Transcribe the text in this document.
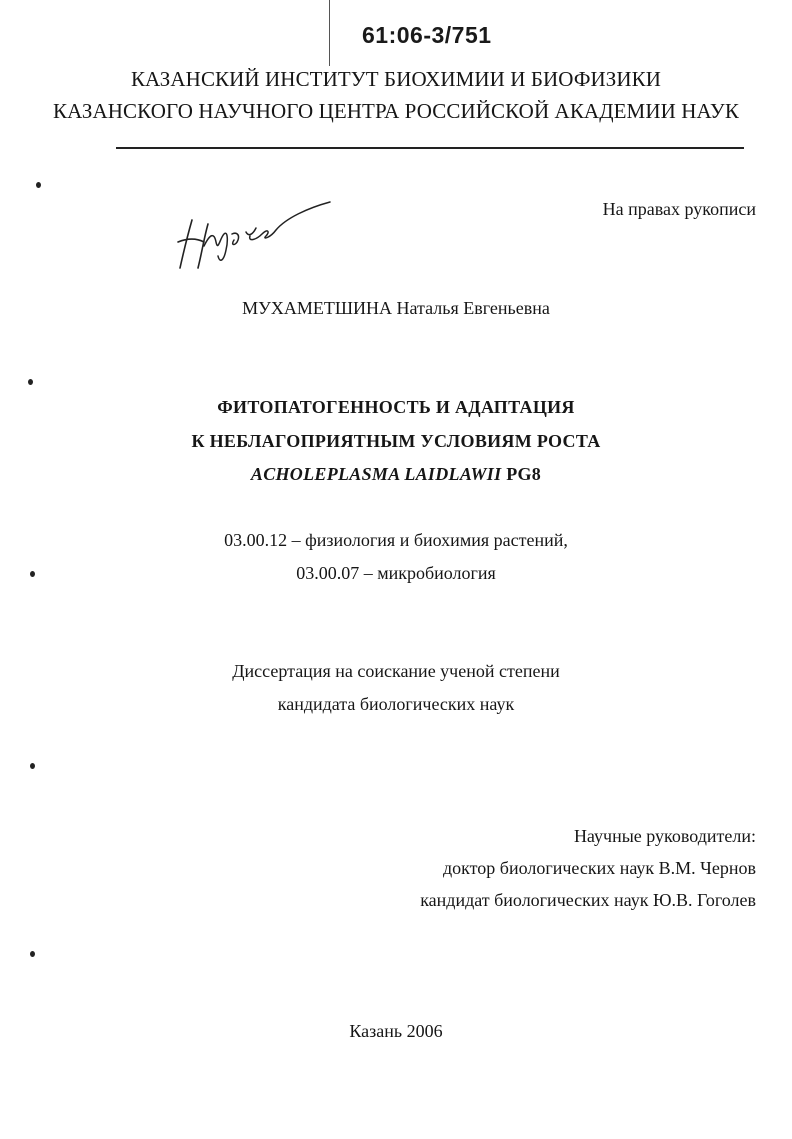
61:06-3/751
КАЗАНСКИЙ ИНСТИТУТ БИОХИМИИ И БИОФИЗИКИ
КАЗАНСКОГО НАУЧНОГО ЦЕНТРА РОССИЙСКОЙ АКАДЕМИИ НАУК
На правах рукописи
МУХАМЕТШИНА Наталья Евгеньевна
ФИТОПАТОГЕННОСТЬ И АДАПТАЦИЯ
К НЕБЛАГОПРИЯТНЫМ УСЛОВИЯМ РОСТА
ACHOLEPLASMA LAIDLAWII PG8
03.00.12 – физиология и биохимия растений,
03.00.07 – микробиология
Диссертация на соискание ученой степени
кандидата биологических наук
Научные руководители:
доктор биологических наук В.М. Чернов
кандидат биологических наук Ю.В. Гоголев
Казань 2006
